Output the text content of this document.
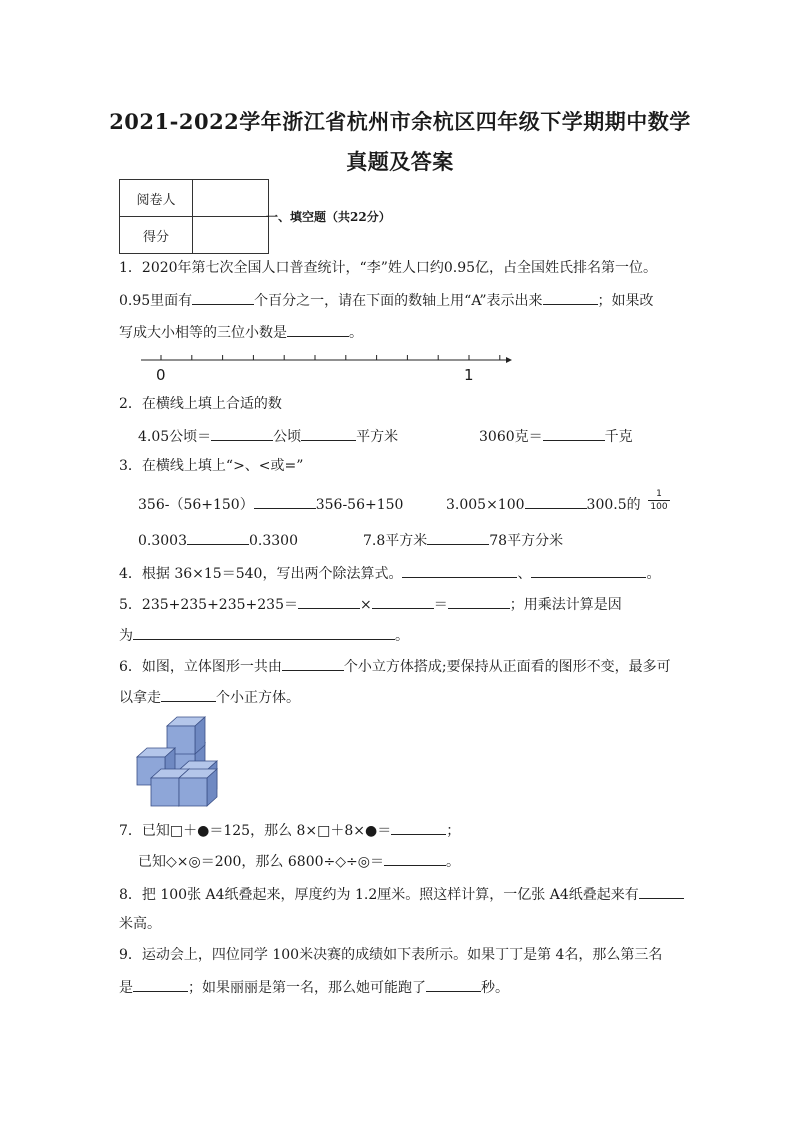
2021-2022学年浙江省杭州市余杭区四年级下学期期中数学
真题及答案
阅卷人	
得分	
一、填空题（共22分）
1．2020年第七次全国人口普查统计，“李”姓人口约0.95亿，占全国姓氏排名第一位。
0.95里面有	个百分之一，请在下面的数轴上用“A”表示出来	；如果改
写成大小相等的三位小数是	。
0	1
2．在横线上填上合适的数
4.05公顷＝	公顷	平方米	3060克＝	千克
3．在横线上填上“>、<或=”
356-（56+150）	356-56+150	3.005×100	300.5的
1
100
0.3003	0.3300	7.8平方米	78平方分米
4．根据 36×15＝540，写出两个除法算式。	、	。
5．235+235+235+235＝	×	＝	；用乘法计算是因
为	。
6．如图，立体图形一共由	个小立方体搭成;要保持从正面看的图形不变，最多可
以拿走	个小正方体。
7．已知□＋●＝125，那么 8×□＋8×●＝	；
已知◇×◎＝200，那么 6800÷◇÷◎＝	。
8．把 100张 A4纸叠起来，厚度约为 1.2厘米。照这样计算，一亿张 A4纸叠起来有
米高。
9．运动会上，四位同学 100米决赛的成绩如下表所示。如果丁丁是第 4名，那么第三名
是	；如果丽丽是第一名，那么她可能跑了	秒。
